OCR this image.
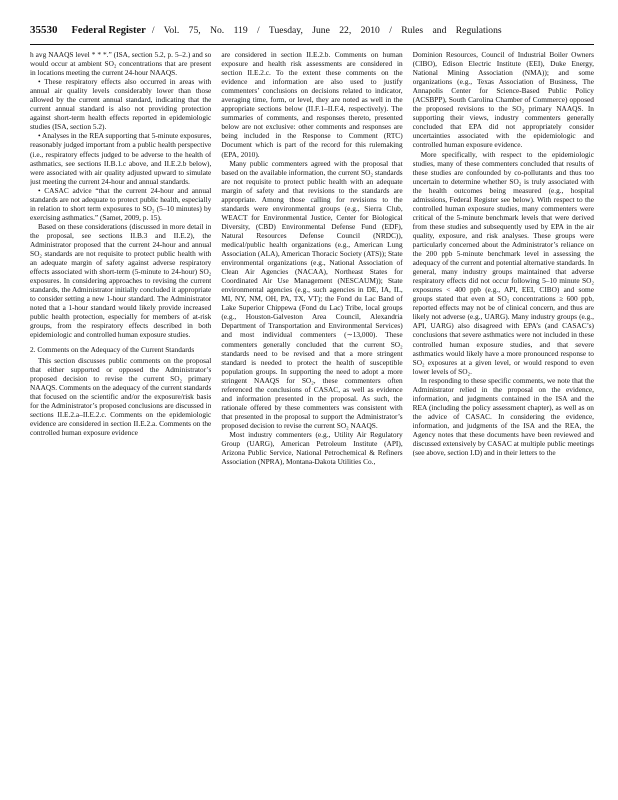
35530 Federal Register / Vol. 75, No. 119 / Tuesday, June 22, 2010 / Rules and Regulations

h avg NAAQS level * * *.” (ISA, section 5.2, p. 5–2.) and so would occur at ambient SO₂ concentrations that are present in locations meeting the current 24-hour NAAQS.

• These respiratory effects also occurred in areas with annual air quality levels considerably lower than those allowed by the current annual standard, indicating that the current annual standard is also not providing protection against short-term health effects reported in epidemiologic studies (ISA, section 5.2).

• Analyses in the REA supporting that 5-minute exposures, reasonably judged important from a public health perspective (i.e., respiratory effects judged to be adverse to the health of asthmatics, see sections II.B.1.c above, and II.E.2.b below), were associated with air quality adjusted upward to simulate just meeting the current 24-hour and annual standards.

• CASAC advice “that the current 24-hour and annual standards are not adequate to protect public health, especially in relation to short term exposures to SO₂ (5–10 minutes) by exercising asthmatics.” (Samet, 2009, p. 15).

Based on these considerations (discussed in more detail in the proposal, see sections II.B.3 and II.E.2), the Administrator proposed that the current 24-hour and annual SO₂ standards are not requisite to protect public health with an adequate margin of safety against adverse respiratory effects associated with short-term (5-minute to 24-hour) SO₂ exposures. In considering approaches to revising the current standards, the Administrator initially concluded it appropriate to consider setting a new 1-hour standard. The Administrator noted that a 1-hour standard would likely provide increased public health protection, especially for members of at-risk groups, from the respiratory effects described in both epidemiologic and controlled human exposure studies.

2. Comments on the Adequacy of the Current Standards

This section discusses public comments on the proposal that either supported or opposed the Administrator’s proposed decision to revise the current SO₂ primary NAAQS. Comments on the adequacy of the current standards that focused on the scientific and/or the exposure/risk basis for the Administrator’s proposed conclusions are discussed in sections II.E.2.a–II.E.2.c. Comments on the epidemiologic evidence are considered in section II.E.2.a. Comments on the controlled human exposure evidence

are considered in section II.E.2.b. Comments on human exposure and health risk assessments are considered in section II.E.2.c. To the extent these comments on the evidence and information are also used to justify commenters’ conclusions on decisions related to indicator, averaging time, form, or level, they are noted as well in the appropriate sections below (II.F.1–II.F.4, respectively). The summaries of comments, and responses thereto, presented below are not exclusive: other comments and responses are being included in the Response to Comment (RTC) Document which is part of the record for this rulemaking (EPA, 2010).

Many public commenters agreed with the proposal that based on the available information, the current SO₂ standards are not requisite to protect public health with an adequate margin of safety and that revisions to the standards are appropriate. Among those calling for revisions to the standards were environmental groups (e.g., Sierra Club, WEACT for Environmental Justice, Center for Biological Diversity, (CBD) Environmental Defense Fund (EDF), Natural Resources Defense Council (NRDC)), medical/public health organizations (e.g., American Lung Association (ALA), American Thoracic Society (ATS)); State environmental organizations (e.g., National Association of Clean Air Agencies (NACAA), Northeast States for Coordinated Air Use Management (NESCAUM)); State environmental agencies (e.g., such agencies in DE, IA, IL, MI, NY, NM, OH, PA, TX, VT); the Fond du Lac Band of Lake Superior Chippewa (Fond du Lac) Tribe, local groups (e.g., Houston-Galveston Area Council, Alexandria Department of Transportation and Environmental Services) and most individual commenters (∼13,000). These commenters generally concluded that the current SO₂ standards need to be revised and that a more stringent standard is needed to protect the health of susceptible population groups. In supporting the need to adopt a more stringent NAAQS for SO₂, these commenters often referenced the conclusions of CASAC, as well as evidence and information presented in the proposal. As such, the rationale offered by these commenters was consistent with that presented in the proposal to support the Administrator’s proposed decision to revise the current SO₂ NAAQS.

Most industry commenters (e.g., Utility Air Regulatory Group (UARG), American Petroleum Institute (API), Arizona Public Service, National Petrochemical & Refiners Association (NPRA), Montana-Dakota Utilities Co.,

Dominion Resources, Council of Industrial Boiler Owners (CIBO), Edison Electric Institute (EEI), Duke Energy, National Mining Association (NMA)); and some organizations (e.g., Texas Association of Business, The Annapolis Center for Science-Based Public Policy (ACSBPP), South Carolina Chamber of Commerce) opposed the proposed revisions to the SO₂ primary NAAQS. In supporting their views, industry commenters generally concluded that EPA did not appropriately consider uncertainties associated with the epidemiologic and controlled human exposure evidence.

More specifically, with respect to the epidemiologic studies, many of these commenters concluded that results of these studies are confounded by co-pollutants and thus too uncertain to determine whether SO₂ is truly associated with the health outcomes being measured (e.g., hospital admissions, Federal Register see below). With respect to the controlled human exposure studies, many commenters were critical of the 5-minute benchmark levels that were derived from these studies and subsequently used by EPA in the air quality, exposure, and risk analyses. These groups were particularly concerned about the Administrator’s reliance on the 200 ppb 5-minute benchmark level in assessing the adequacy of the current and potential alternative standards. In general, many industry groups maintained that adverse respiratory effects did not occur following 5–10 minute SO₂ exposures < 400 ppb (e.g., API, EEI, CIBO) and some groups stated that even at SO₂ concentrations ≥ 600 ppb, reported effects may not be of clinical concern, and thus are likely not adverse (e.g., UARG). Many industry groups (e.g., API, UARG) also disagreed with EPA’s (and CASAC’s) conclusions that severe asthmatics were not included in these controlled human exposure studies, and that severe asthmatics would likely have a more pronounced response to SO₂ exposures at a given level, or would respond to even lower levels of SO₂.

In responding to these specific comments, we note that the Administrator relied in the proposal on the evidence, information, and judgments contained in the ISA and the REA (including the policy assessment chapter), as well as on the advice of CASAC. In considering the evidence, information, and judgments of the ISA and the REA, the Agency notes that these documents have been reviewed and discussed extensively by CASAC at multiple public meetings (see above, section I.D) and in their letters to the
